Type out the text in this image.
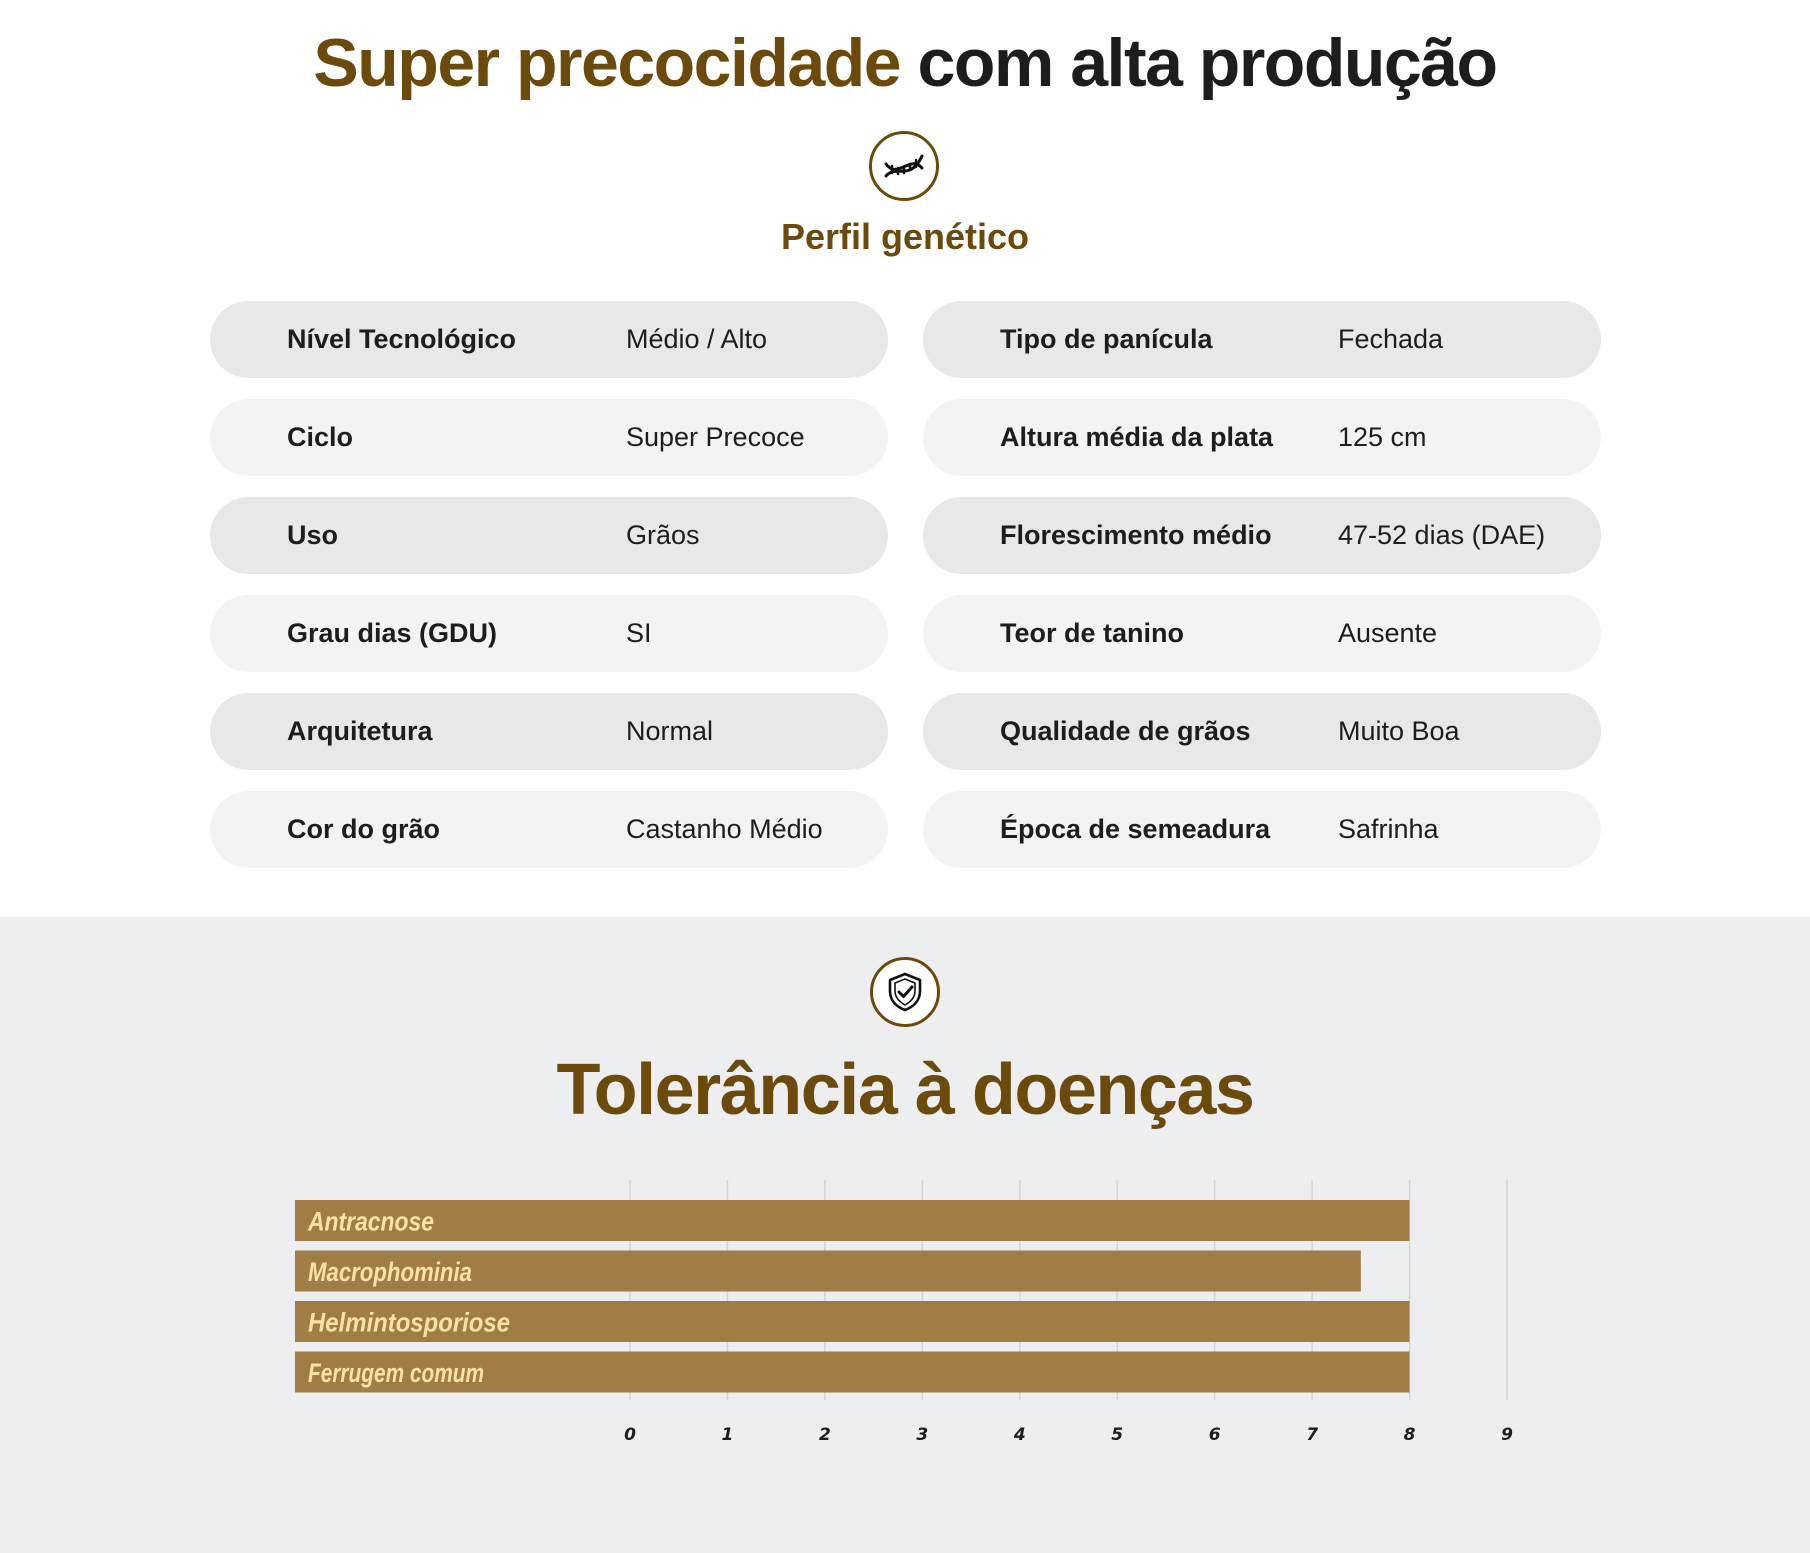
Super precocidade com alta produção
Perfil genético
Nível Tecnológico	Médio / Alto
Ciclo	Super Precoce
Uso	Grãos
Grau dias (GDU)	SI
Arquitetura	Normal
Cor do grão	Castanho Médio
Tipo de panícula	Fechada
Altura média da plata 125 cm
Florescimento médio 47-52 dias (DAE)
Teor de tanino	Ausente
Qualidade de grãos	Muito Boa
Época de semeadura	Safrinha
Tolerância à doenças
0	1	2	3	4	5	6	7	8	9
Antracnose
Macrophominia
Helmintosporiose
Ferrugem comum
